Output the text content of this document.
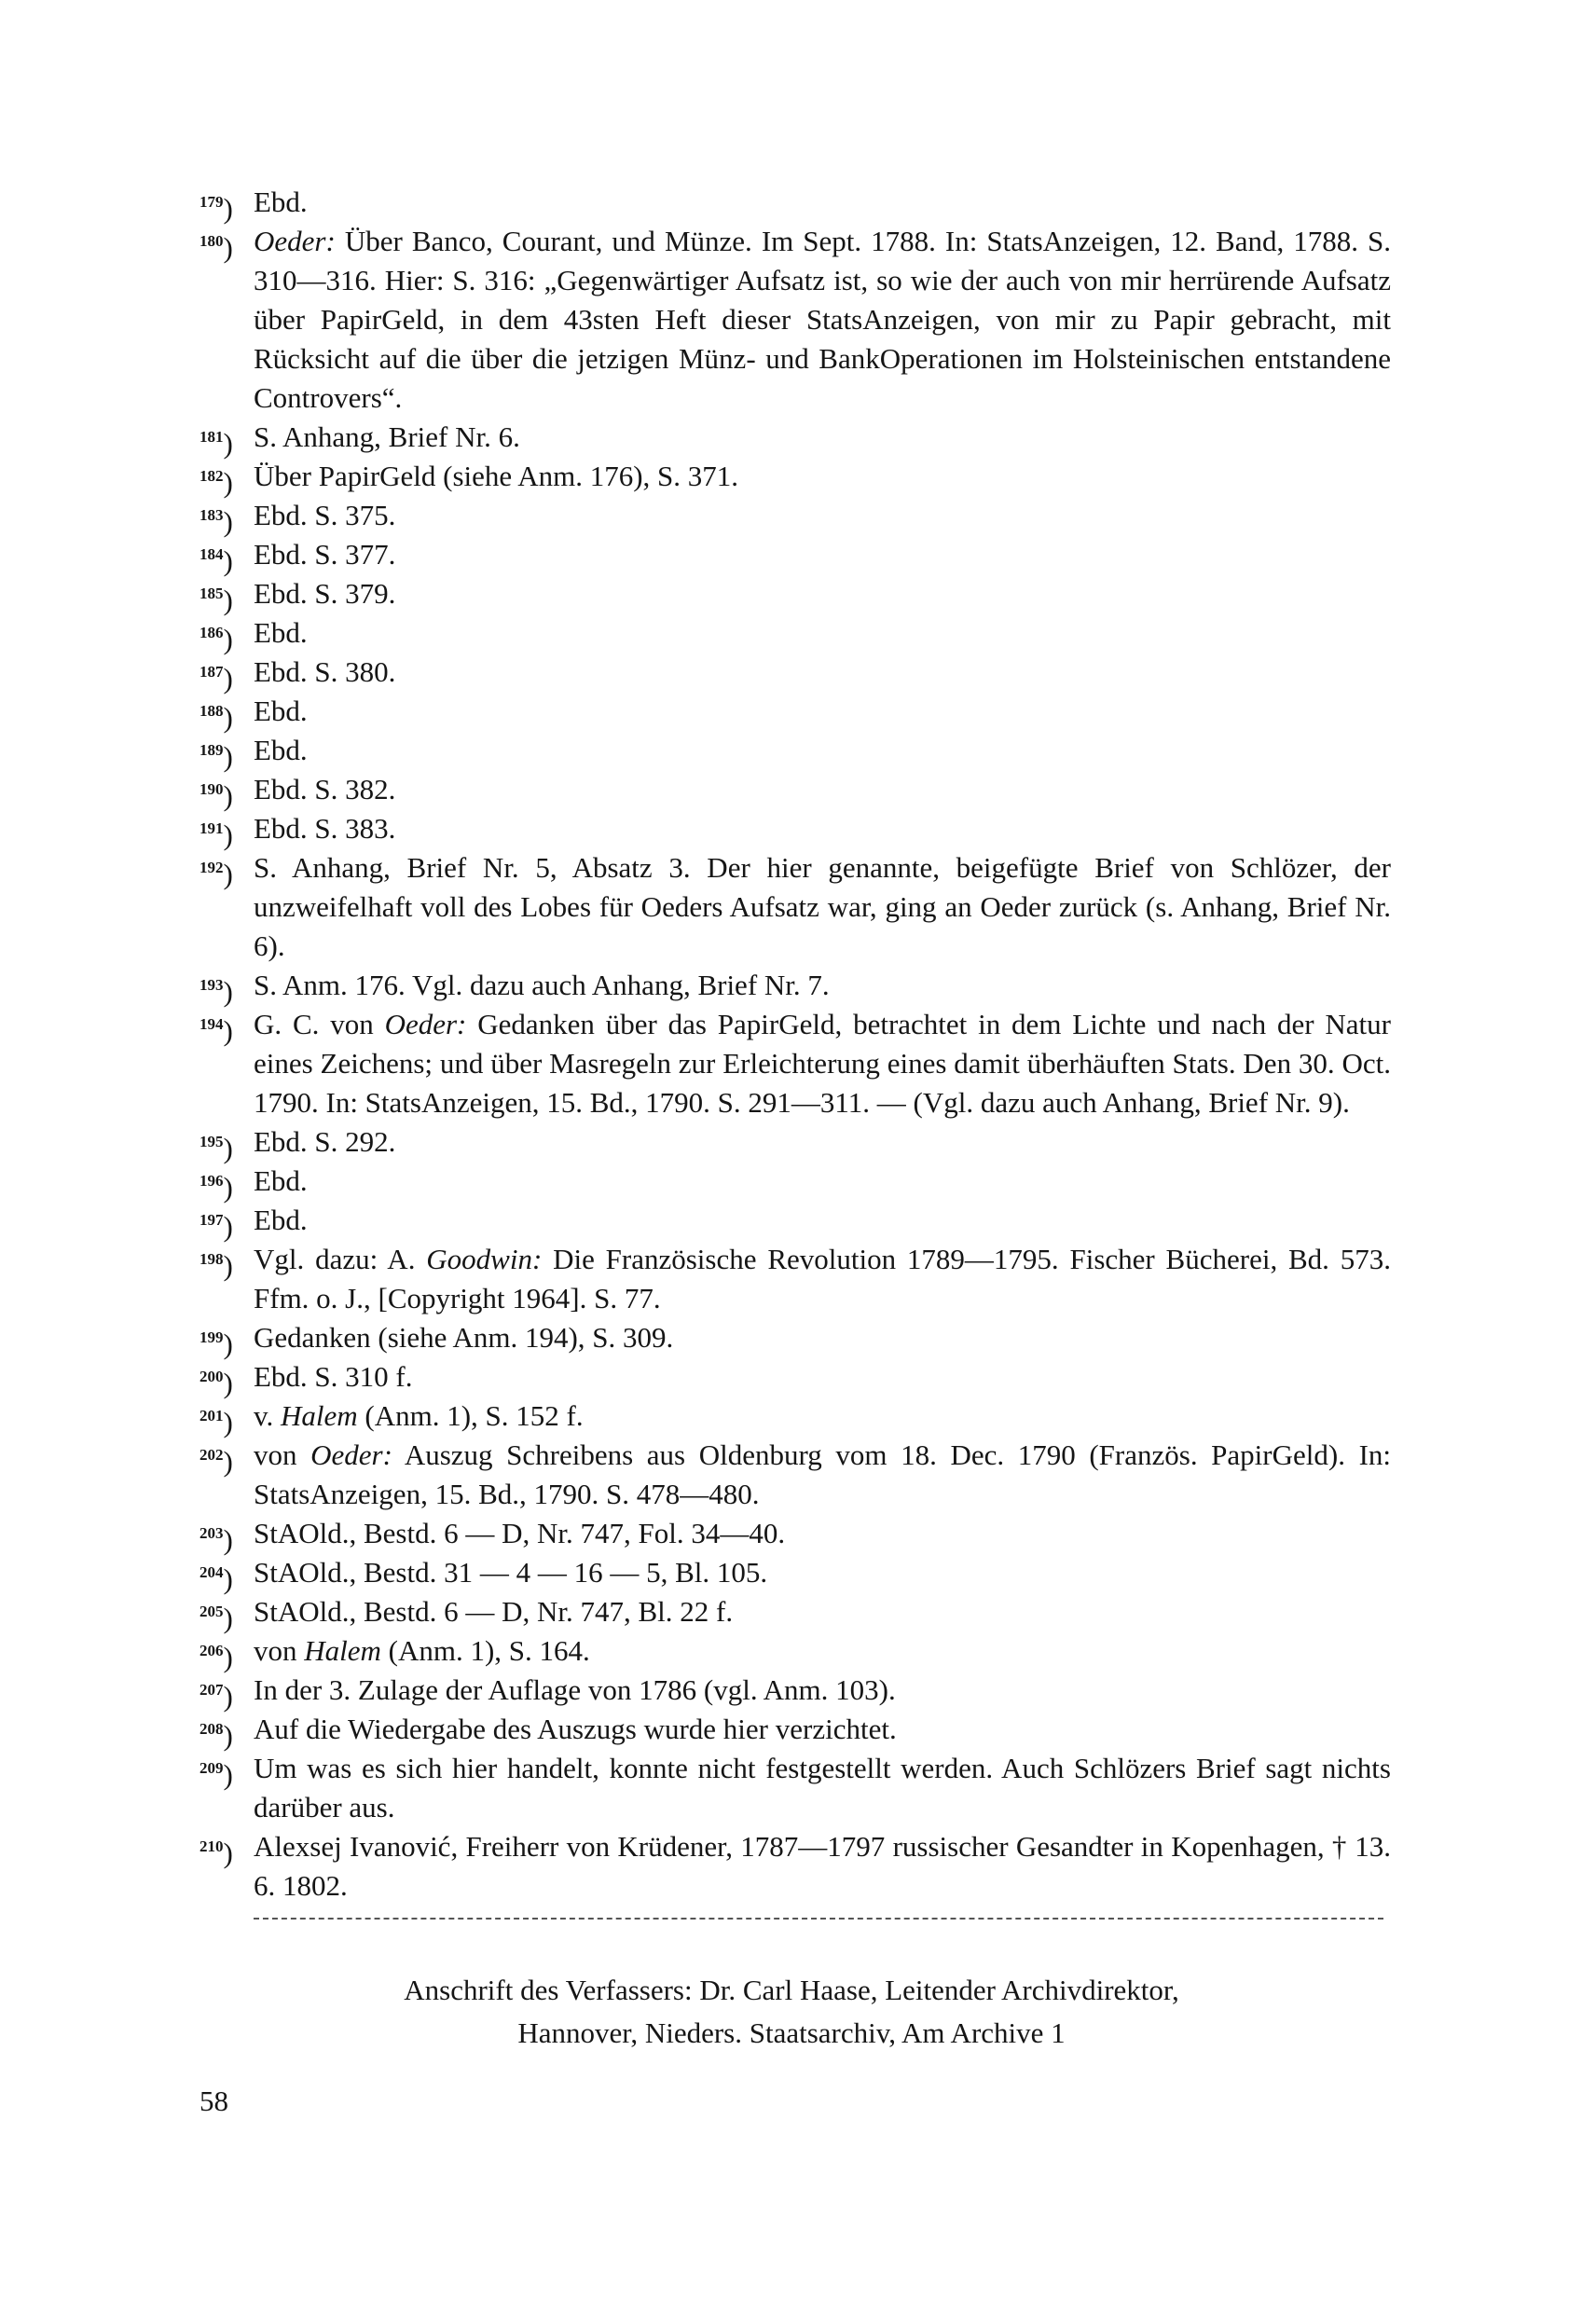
$^{179}$) Ebd.

$^{180}$) Oeder: Über Banco, Courant, und Münze. Im Sept. 1788. In: StatsAnzeigen, 12. Band, 1788. S. 310—316. Hier: S. 316: „Gegenwärtiger Aufsatz ist, so wie der auch von mir herrürende Aufsatz über PapirGeld, in dem 43sten Heft dieser StatsAnzeigen, von mir zu Papir gebracht, mit Rücksicht auf die über die jetzigen Münz- und BankOperationen im Holsteinischen entstandene Controvers“.

$^{181}$) S. Anhang, Brief Nr. 6.

$^{182}$) Über PapirGeld (siehe Anm. 176), S. 371.

$^{183}$) Ebd. S. 375.

$^{184}$) Ebd. S. 377.

$^{185}$) Ebd. S. 379.

$^{186}$) Ebd.

$^{187}$) Ebd. S. 380.

$^{188}$) Ebd.

$^{189}$) Ebd.

$^{190}$) Ebd. S. 382.

$^{191}$) Ebd. S. 383.

$^{192}$) S. Anhang, Brief Nr. 5, Absatz 3. Der hier genannte, beigefügte Brief von Schlözer, der unzweifelhaft voll des Lobes für Oeders Aufsatz war, ging an Oeder zurück (s. Anhang, Brief Nr. 6).

$^{193}$) S. Anm. 176. Vgl. dazu auch Anhang, Brief Nr. 7.

$^{194}$) G. C. von Oeder: Gedanken über das PapirGeld, betrachtet in dem Lichte und nach der Natur eines Zeichens; und über Masregeln zur Erleichterung eines damit überhäuften Stats. Den 30. Oct. 1790. In: StatsAnzeigen, 15. Bd., 1790. S. 291—311. — (Vgl. dazu auch Anhang, Brief Nr. 9).

$^{195}$) Ebd. S. 292.

$^{196}$) Ebd.

$^{197}$) Ebd.

$^{198}$) Vgl. dazu: A. Goodwin: Die Französische Revolution 1789—1795. Fischer Bücherei, Bd. 573. Ffm. o. J., [Copyright 1964]. S. 77.

$^{199}$) Gedanken (siehe Anm. 194), S. 309.

$^{200}$) Ebd. S. 310 f.

$^{201}$) v. Halem (Anm. 1), S. 152 f.

$^{202}$) von Oeder: Auszug Schreibens aus Oldenburg vom 18. Dec. 1790 (Französ. PapirGeld). In: StatsAnzeigen, 15. Bd., 1790. S. 478—480.

$^{203}$) StAOld., Bestd. 6 — D, Nr. 747, Fol. 34—40.

$^{204}$) StAOld., Bestd. 31 — 4 — 16 — 5, Bl. 105.

$^{205}$) StAOld., Bestd. 6 — D, Nr. 747, Bl. 22 f.

$^{206}$) von Halem (Anm. 1), S. 164.

$^{207}$) In der 3. Zulage der Auflage von 1786 (vgl. Anm. 103).

$^{208}$) Auf die Wiedergabe des Auszugs wurde hier verzichtet.

$^{209}$) Um was es sich hier handelt, konnte nicht festgestellt werden. Auch Schlözers Brief sagt nichts darüber aus.

$^{210}$) Alexsej Ivanović, Freiherr von Krüdener, 1787—1797 russischer Gesandter in Kopenhagen, † 13. 6. 1802.

Anschrift des Verfassers: Dr. Carl Haase, Leitender Archivdirektor,
Hannover, Nieders. Staatsarchiv, Am Archive 1
58
